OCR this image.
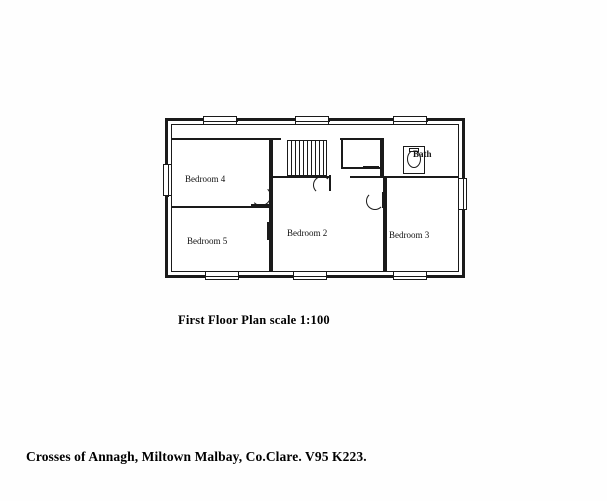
Bedroom 4
Bedroom 5
Bedroom 2	Bedroom 3
Bath
First Floor Plan scale 1:100
Crosses of Annagh, Miltown Malbay, Co.Clare. V95 K223.
